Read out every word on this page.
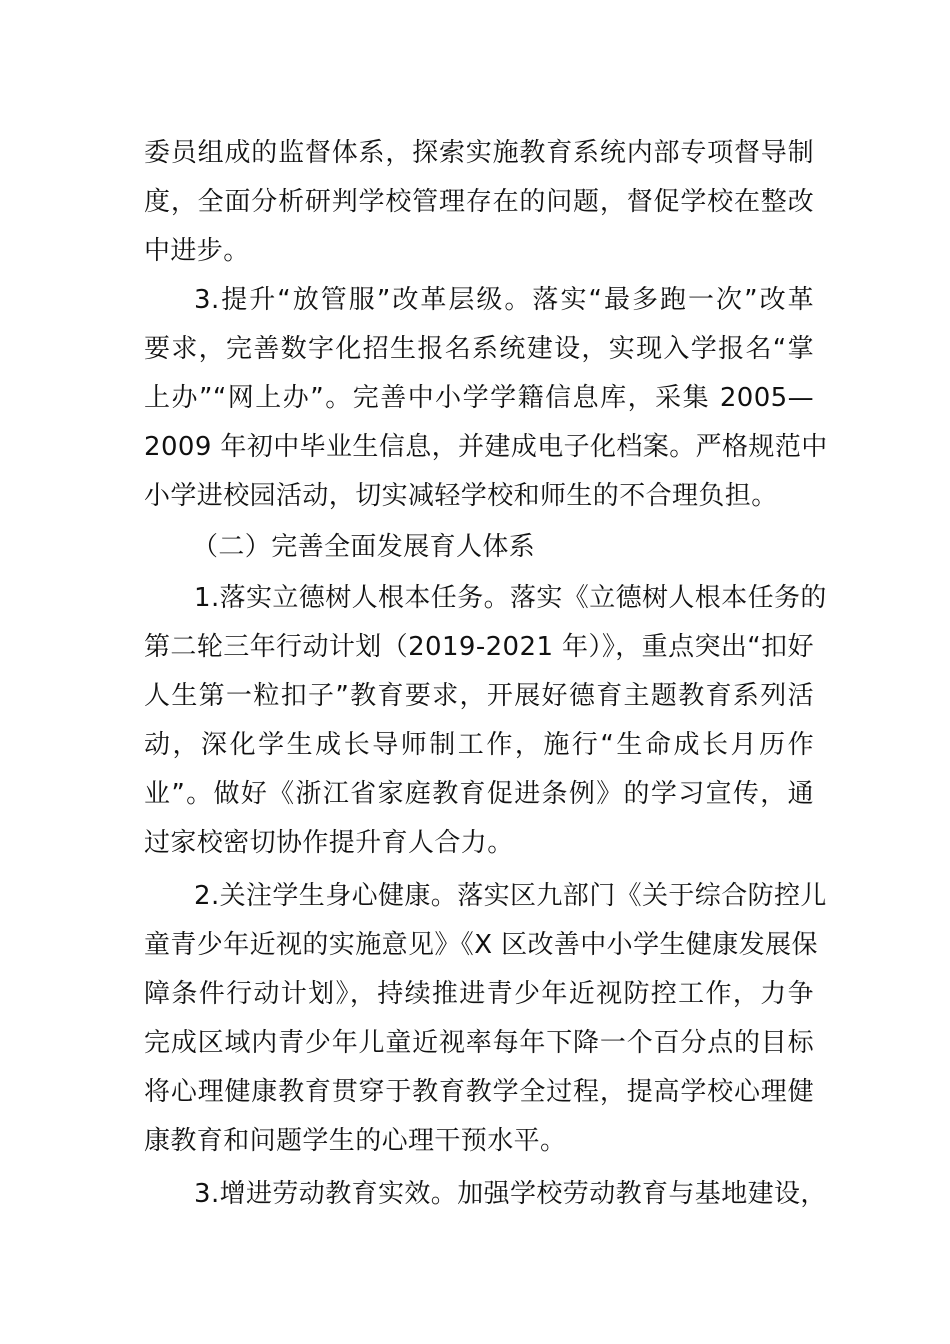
委员组成的监督体系，探索实施教育系统内部专项督导制
度，全面分析研判学校管理存在的问题，督促学校在整改
中进步。
3.提升“放管服”改革层级。落实“最多跑一次”改革
要求，完善数字化招生报名系统建设，实现入学报名“掌
上办”“网上办”。完善中小学学籍信息库，采集 2005—
2009 年初中毕业生信息，并建成电子化档案。严格规范中
小学进校园活动，切实减轻学校和师生的不合理负担。
（二）完善全面发展育人体系
1.落实立德树人根本任务。落实《立德树人根本任务的
第二轮三年行动计划（2019-2021 年）》，重点突出“扣好
人生第一粒扣子”教育要求，开展好德育主题教育系列活
动，深化学生成长导师制工作，施行“生命成长月历作
业”。做好《浙江省家庭教育促进条例》的学习宣传，通
过家校密切协作提升育人合力。
2.关注学生身心健康。落实区九部门《关于综合防控儿
童青少年近视的实施意见》《X 区改善中小学生健康发展保
障条件行动计划》，持续推进青少年近视防控工作，力争
完成区域内青少年儿童近视率每年下降一个百分点的目标
将心理健康教育贯穿于教育教学全过程，提高学校心理健
康教育和问题学生的心理干预水平。
3.增进劳动教育实效。加强学校劳动教育与基地建设，
